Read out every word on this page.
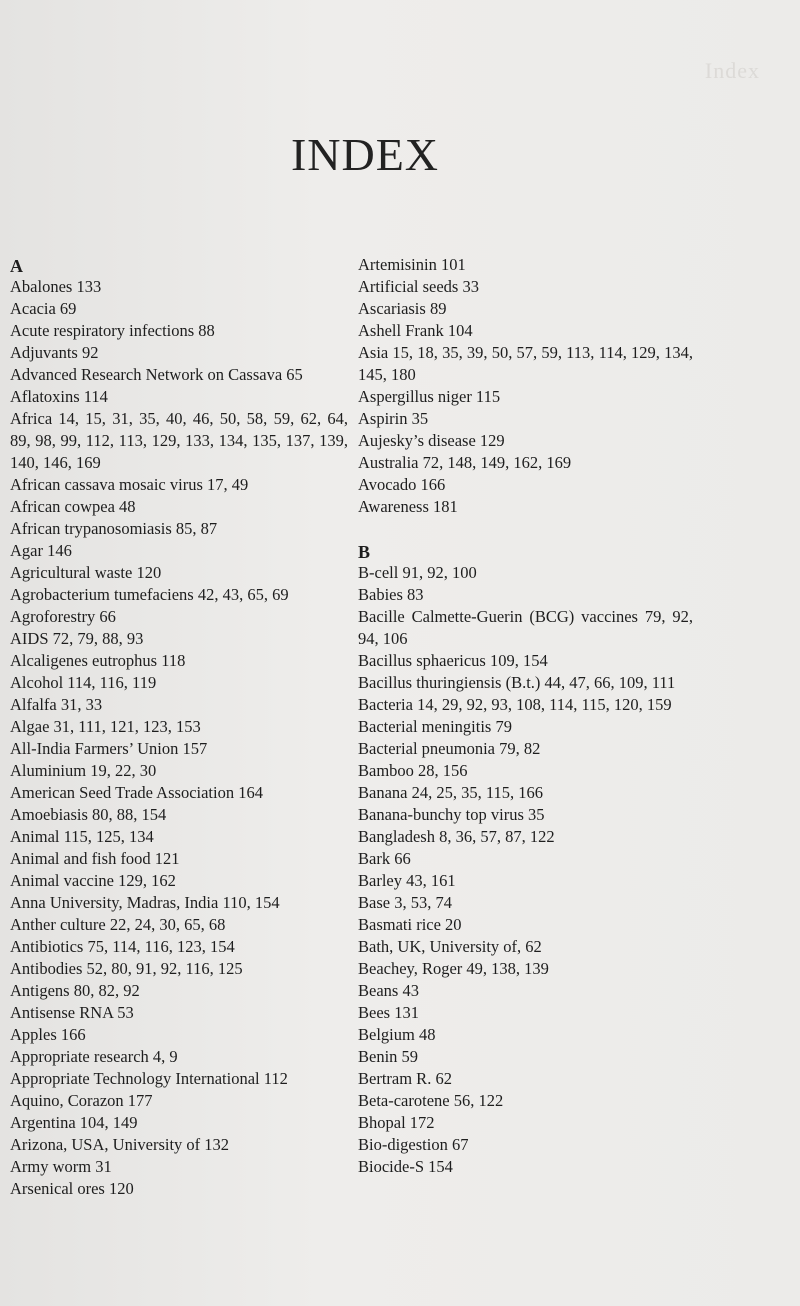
Index
INDEX
A
Abalones 133
Acacia 69
Acute respiratory infections 88
Adjuvants 92
Advanced Research Network on Cassava 65
Aflatoxins 114
Africa 14, 15, 31, 35, 40, 46, 50, 58, 59, 62, 64, 89, 98, 99, 112, 113, 129, 133, 134, 135, 137, 139, 140, 146, 169
African cassava mosaic virus 17, 49
African cowpea 48
African trypanosomiasis 85, 87
Agar 146
Agricultural waste 120
Agrobacterium tumefaciens 42, 43, 65, 69
Agroforestry 66
AIDS 72, 79, 88, 93
Alcaligenes eutrophus 118
Alcohol 114, 116, 119
Alfalfa 31, 33
Algae 31, 111, 121, 123, 153
All-India Farmers’ Union 157
Aluminium 19, 22, 30
American Seed Trade Association 164
Amoebiasis 80, 88, 154
Animal 115, 125, 134
Animal and fish food 121
Animal vaccine 129, 162
Anna University, Madras, India 110, 154
Anther culture 22, 24, 30, 65, 68
Antibiotics 75, 114, 116, 123, 154
Antibodies 52, 80, 91, 92, 116, 125
Antigens 80, 82, 92
Antisense RNA 53
Apples 166
Appropriate research 4, 9
Appropriate Technology International 112
Aquino, Corazon 177
Argentina 104, 149
Arizona, USA, University of 132
Army worm 31
Arsenical ores 120
Artemisinin 101
Artificial seeds 33
Ascariasis 89
Ashell Frank 104
Asia 15, 18, 35, 39, 50, 57, 59, 113, 114, 129, 134, 145, 180
Aspergillus niger 115
Aspirin 35
Aujesky’s disease 129
Australia 72, 148, 149, 162, 169
Avocado 166
Awareness 181
B
B-cell 91, 92, 100
Babies 83
Bacille Calmette-Guerin (BCG) vaccines 79, 92, 94, 106
Bacillus sphaericus 109, 154
Bacillus thuringiensis (B.t.) 44, 47, 66, 109, 111
Bacteria 14, 29, 92, 93, 108, 114, 115, 120, 159
Bacterial meningitis 79
Bacterial pneumonia 79, 82
Bamboo 28, 156
Banana 24, 25, 35, 115, 166
Banana-bunchy top virus 35
Bangladesh 8, 36, 57, 87, 122
Bark 66
Barley 43, 161
Base 3, 53, 74
Basmati rice 20
Bath, UK, University of, 62
Beachey, Roger 49, 138, 139
Beans 43
Bees 131
Belgium 48
Benin 59
Bertram R. 62
Beta-carotene 56, 122
Bhopal 172
Bio-digestion 67
Biocide-S 154
